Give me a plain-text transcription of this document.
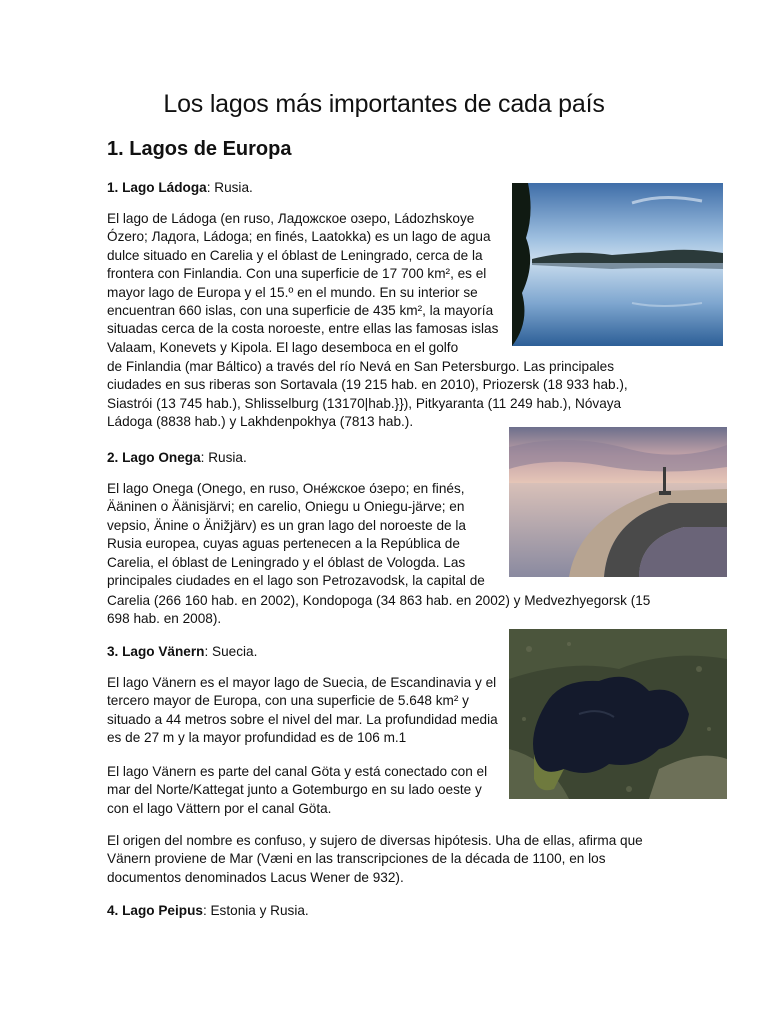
Los lagos más importantes de cada país
1. Lagos de Europa

1. Lago Ládoga: Rusia.

El lago de Ládoga (en ruso, Ладожское озеро, Ládozhskoye Ózero; Ладога, Ládoga; en finés, Laatokka) es un lago de agua dulce situado en Carelia y el óblast de Leningrado, cerca de la frontera con Finlandia. Con una superficie de 17 700 km², es el mayor lago de Europa y el 15.º en el mundo. En su interior se encuentran 660 islas, con una superficie de 435 km², la mayoría situadas cerca de la costa noroeste, entre ellas las famosas islas Valaam, Konevets y Kipola. El lago desemboca en el golfo

de Finlandia (mar Báltico) a través del río Nevá en San Petersburgo. Las principales ciudades en sus riberas son Sortavala (19 215 hab. en 2010), Priozersk (18 933 hab.), Siastrói (13 745 hab.), Shlisselburg (13170|hab.}}), Pitkyaranta (11 249 hab.), Nóvaya Ládoga (8838 hab.) y Lakhdenpokhya (7813 hab.).

2. Lago Onega: Rusia.

El lago Onega (Onego, en ruso, Оне́жское о́зеро; en finés, Ääninen o Äänisjärvi; en carelio, Oniegu u Oniegu-järve; en vepsio, Änine o Änižjärv) es un gran lago del noroeste de la Rusia europea, cuyas aguas pertenecen a la República de Carelia, el óblast de Leningrado y el óblast de Vologda. Las principales ciudades en el lago son Petrozavodsk, la capital de

Carelia (266 160 hab. en 2002), Kondopoga (34 863 hab. en 2002) y Medvezhyegorsk (15 698 hab. en 2008).

3. Lago Vänern: Suecia.

El lago Vänern es el mayor lago de Suecia, de Escandinavia y el tercero mayor de Europa, con una superficie de 5.648 km² y situado a 44 metros sobre el nivel del mar. La profundidad media es de 27 m y la mayor profundidad es de 106 m.1

El lago Vänern es parte del canal Göta y está conectado con el mar del Norte/Kattegat junto a Gotemburgo en su lado oeste y con el lago Vättern por el canal Göta.

El origen del nombre es confuso, y sujero de diversas hipótesis. Uha de ellas, afirma que Vänern proviene de Mar (Væni en las transcripciones de la década de 1100, en los documentos denominados Lacus Wener de 932).

4. Lago Peipus: Estonia y Rusia.
